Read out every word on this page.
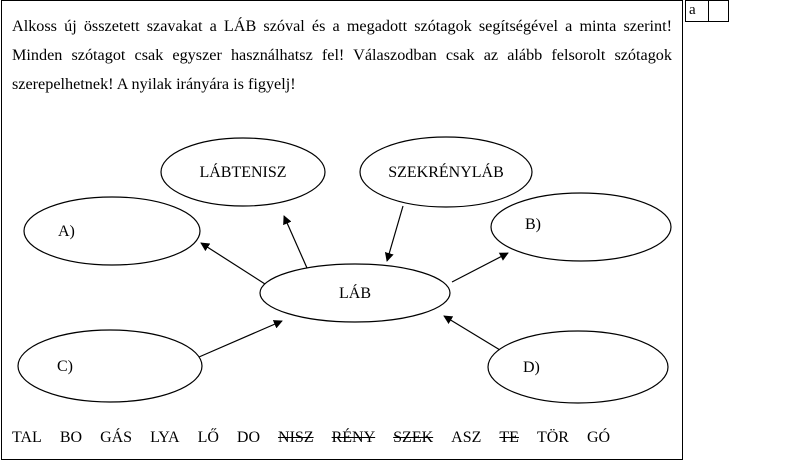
Alkoss új összetett szavakat a LÁB szóval és a megadott szótagok segítségével a minta szerint! Minden szótagot csak egyszer használhatsz fel! Válaszodban csak az alább felsorolt szótagok szerepelhetnek! A nyilak irányára is figyelj!

a
LÁBTENISZ	SZEKRÉNYLÁB
LÁB
A)	B)
C)	D)
TAL BO GÁS LYA LŐ DO NISZ RÉNY SZEK ASZ TE TÖR GÓ
